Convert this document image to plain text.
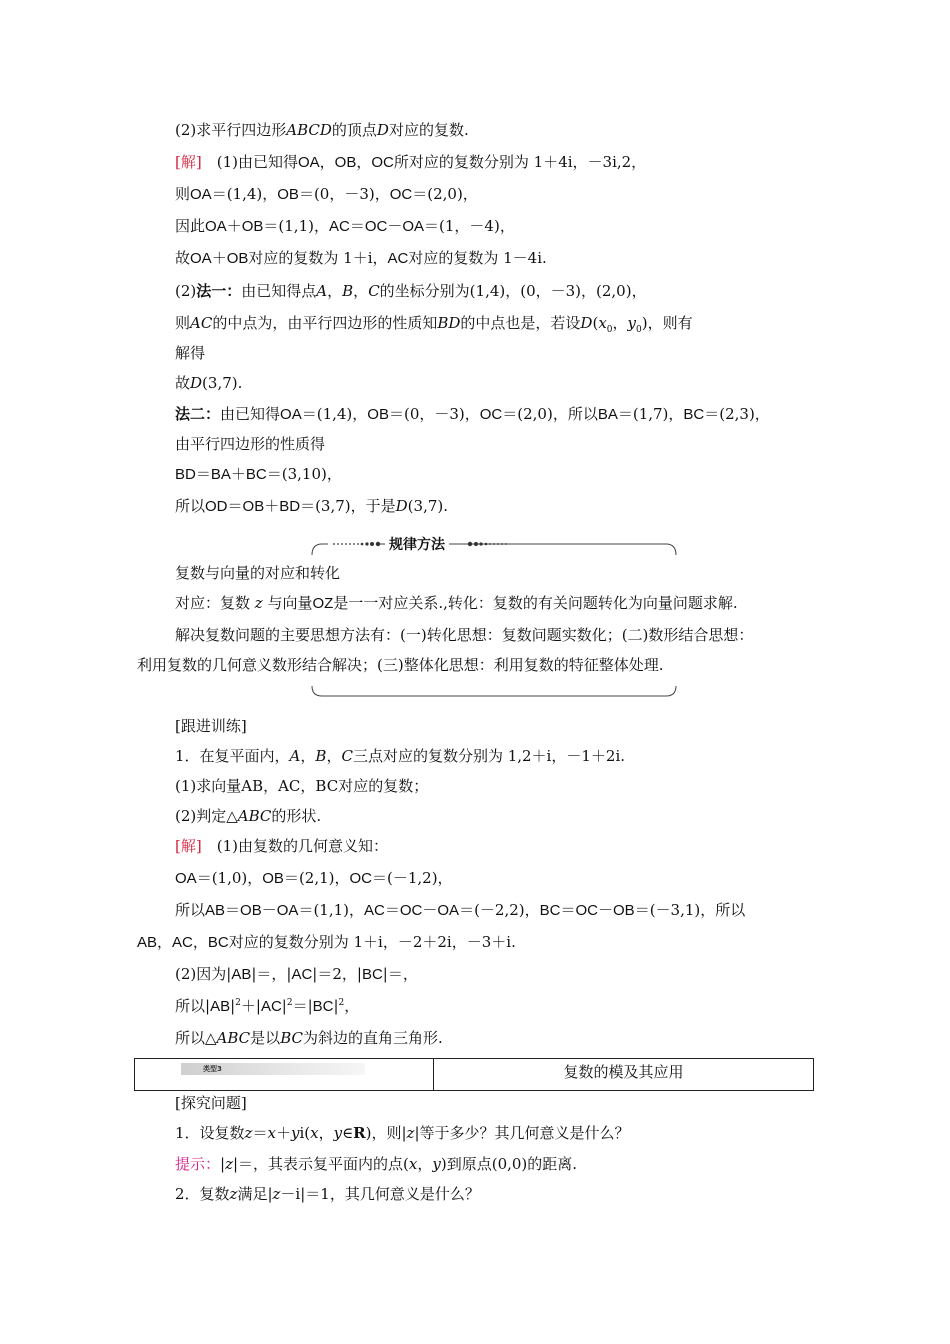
(2)求平行四边形ABCD的顶点D对应的复数.
[解]　(1)由已知得OA，OB，OC所对应的复数分别为 1＋4i，－3i,2，
则OA＝(1,4)，OB＝(0，－3)，OC＝(2,0)，
因此OA＋OB＝(1,1)，AC＝OC－OA＝(1，－4)，
故OA＋OB对应的复数为 1＋i，AC对应的复数为 1－4i.
(2)法一：由已知得点A，B，C的坐标分别为(1,4)，(0，－3)，(2,0)，
则AC的中点为，由平行四边形的性质知BD的中点也是，若设$D(x_0$，$y_0$)，则有
解得
故D(3,7).
法二：由已知得OA＝(1,4)，OB＝(0，－3)，OC＝(2,0)，所以BA＝(1,7)，BC＝(2,3)，
由平行四边形的性质得
BD＝BA＋BC＝(3,10)，
所以OD＝OB＋BD＝(3,7)，于是D(3,7).
复数与向量的对应和转化
对应：复数 z 与向量OZ是一一对应关系.,转化：复数的有关问题转化为向量问题求解.
解决复数问题的主要思想方法有：(一)转化思想：复数问题实数化；(二)数形结合思想：
利用复数的几何意义数形结合解决；(三)整体化思想：利用复数的特征整体处理.
[跟进训练]
1．在复平面内，A，B，C三点对应的复数分别为 1,2＋i，－1＋2i.
(1)求向量AB，AC，BC对应的复数；
(2)判定△ABC的形状.
[解]　(1)由复数的几何意义知：
OA＝(1,0)，OB＝(2,1)，OC＝(－1,2)，
所以AB＝OB－OA＝(1,1)，AC＝OC－OA＝(－2,2)，BC＝OC－OB＝(－3,1)，所以
AB，AC，BC对应的复数分别为 1＋i，－2＋2i，－3＋i.
(2)因为|AB|＝，|AC|＝2，|BC|＝，
所以$|AB|^2+|AC|^2=|BC|^2$，
所以△ABC是以BC为斜边的直角三角形.
[探究问题]
1．设复数z＝x＋yi(x，y∈R)，则|z|等于多少？其几何意义是什么？
提示：|z|＝，其表示复平面内的点(x，y)到原点(0,0)的距离.
2．复数z满足|z－i|＝1，其几何意义是什么？
规律方法
类型3	复数的模及其应用
